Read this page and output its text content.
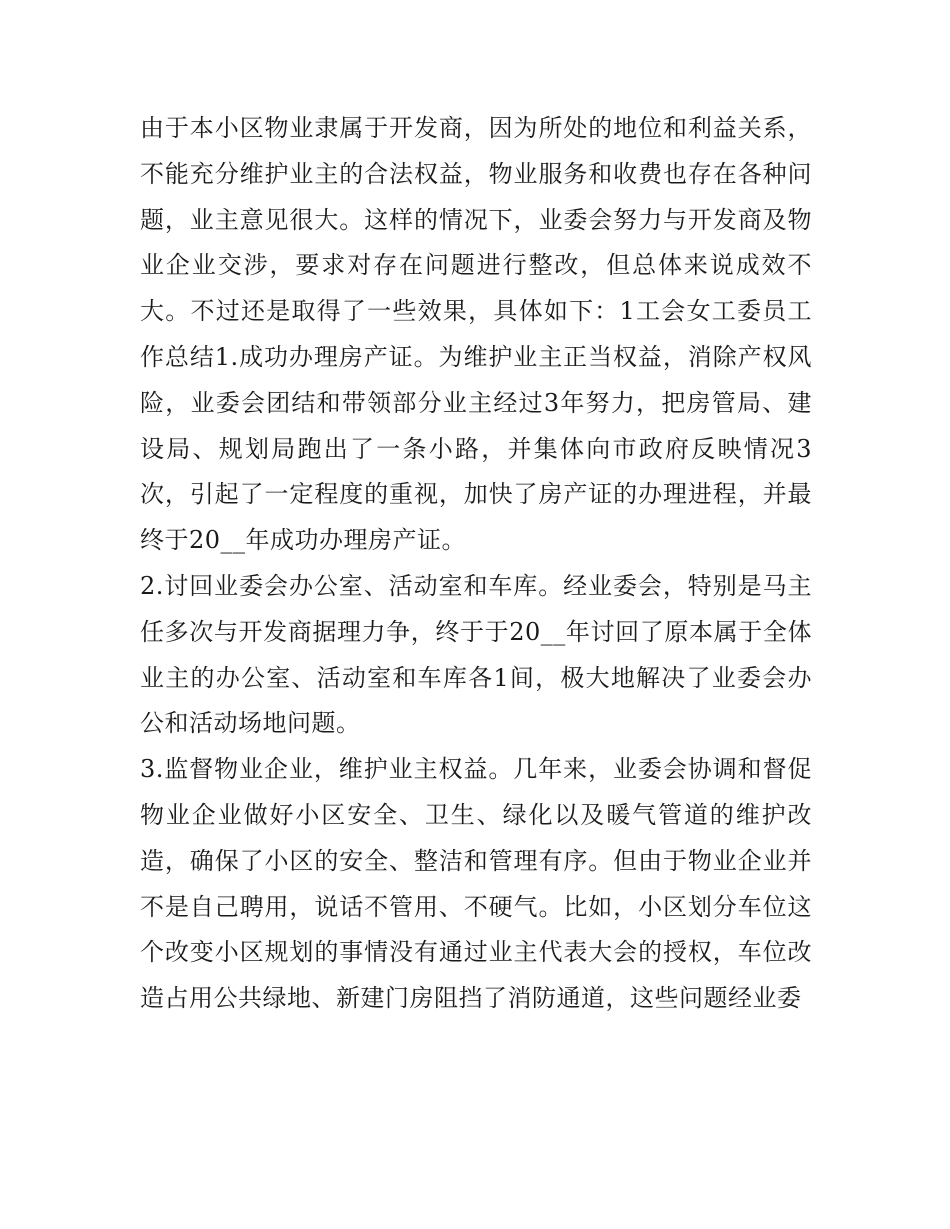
由于本小区物业隶属于开发商，因为所处的地位和利益关系，不能充分维护业主的合法权益，物业服务和收费也存在各种问题，业主意见很大。这样的情况下，业委会努力与开发商及物业企业交涉，要求对存在问题进行整改，但总体来说成效不大。不过还是取得了一些效果，具体如下：1工会女工委员工作总结1.成功办理房产证。为维护业主正当权益，消除产权风险，业委会团结和带领部分业主经过3年努力，把房管局、建设局、规划局跑出了一条小路，并集体向市政府反映情况3次，引起了一定程度的重视，加快了房产证的办理进程，并最终于20__年成功办理房产证。

2.讨回业委会办公室、活动室和车库。经业委会，特别是马主任多次与开发商据理力争，终于于20__年讨回了原本属于全体业主的办公室、活动室和车库各1间，极大地解决了业委会办公和活动场地问题。

3.监督物业企业，维护业主权益。几年来，业委会协调和督促物业企业做好小区安全、卫生、绿化以及暖气管道的维护改造，确保了小区的安全、整洁和管理有序。但由于物业企业并不是自己聘用，说话不管用、不硬气。比如，小区划分车位这个改变小区规划的事情没有通过业主代表大会的授权，车位改造占用公共绿地、新建门房阻挡了消防通道，这些问题经业委
